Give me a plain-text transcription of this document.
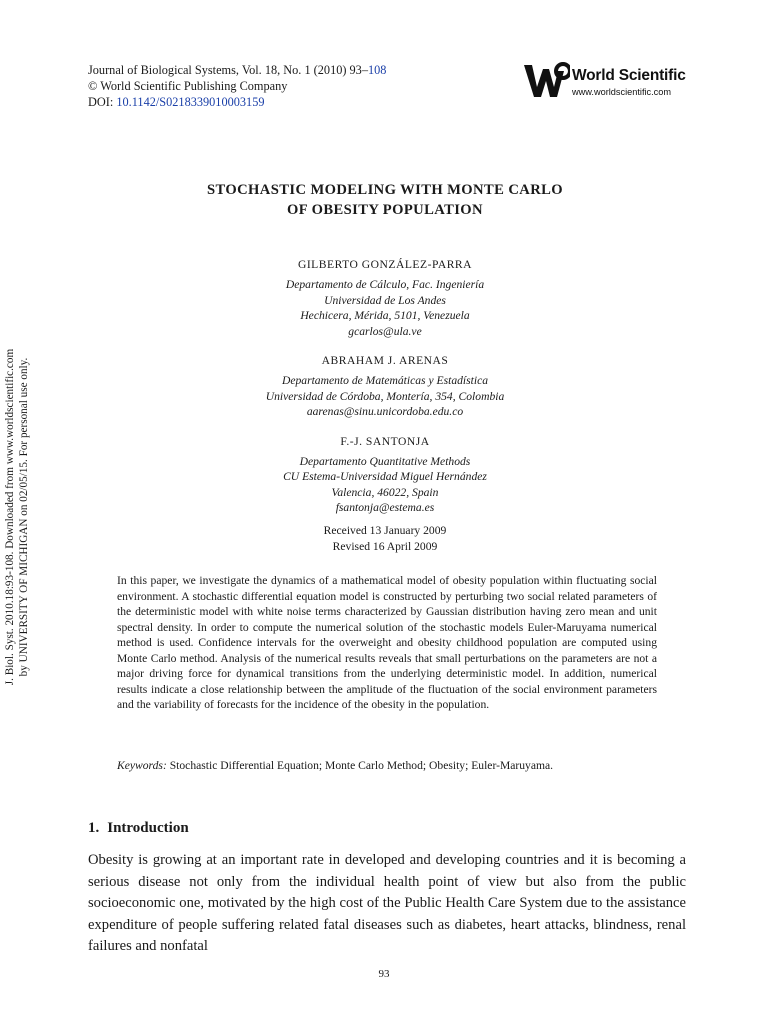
Journal of Biological Systems, Vol. 18, No. 1 (2010) 93–108
© World Scientific Publishing Company
DOI: 10.1142/S0218339010003159
World Scientific
www.worldscientific.com
J. Biol. Syst. 2010.18:93-108. Downloaded from www.worldscientific.com by UNIVERSITY OF MICHIGAN on 02/05/15. For personal use only.
STOCHASTIC MODELING WITH MONTE CARLO
OF OBESITY POPULATION
GILBERTO GONZÁLEZ-PARRA
Departamento de Cálculo, Fac. Ingeniería
Universidad de Los Andes
Hechicera, Mérida, 5101, Venezuela
gcarlos@ula.ve
ABRAHAM J. ARENAS
Departamento de Matemáticas y Estadística
Universidad de Córdoba, Montería, 354, Colombia
aarenas@sinu.unicordoba.edu.co
F.-J. SANTONJA
Departamento Quantitative Methods
CU Estema-Universidad Miguel Hernández
Valencia, 46022, Spain
fsantonja@estema.es
Received 13 January 2009
Revised 16 April 2009

In this paper, we investigate the dynamics of a mathematical model of obesity population within fluctuating social environment. A stochastic differential equation model is constructed by perturbing two social related parameters of the deterministic model with white noise terms characterized by Gaussian distribution having zero mean and unit spectral density. In order to compute the numerical solution of the stochastic models Euler-Maruyama numerical method is used. Confidence intervals for the overweight and obesity childhood population are computed using Monte Carlo method. Analysis of the numerical results reveals that small perturbations on the parameters are not a major driving force for dynamical transitions from the underlying deterministic model. In addition, numerical results indicate a close relationship between the amplitude of the fluctuation of the social environment parameters and the variability of forecasts for the incidence of the obesity in the population.

Keywords: Stochastic Differential Equation; Monte Carlo Method; Obesity; Euler-Maruyama.

1. Introduction

Obesity is growing at an important rate in developed and developing countries and it is becoming a serious disease not only from the individual health point of view but also from the public socioeconomic one, motivated by the high cost of the Public Health Care System due to the assistance expenditure of people suffering related fatal diseases such as diabetes, heart attacks, blindness, renal failures and nonfatal

93
